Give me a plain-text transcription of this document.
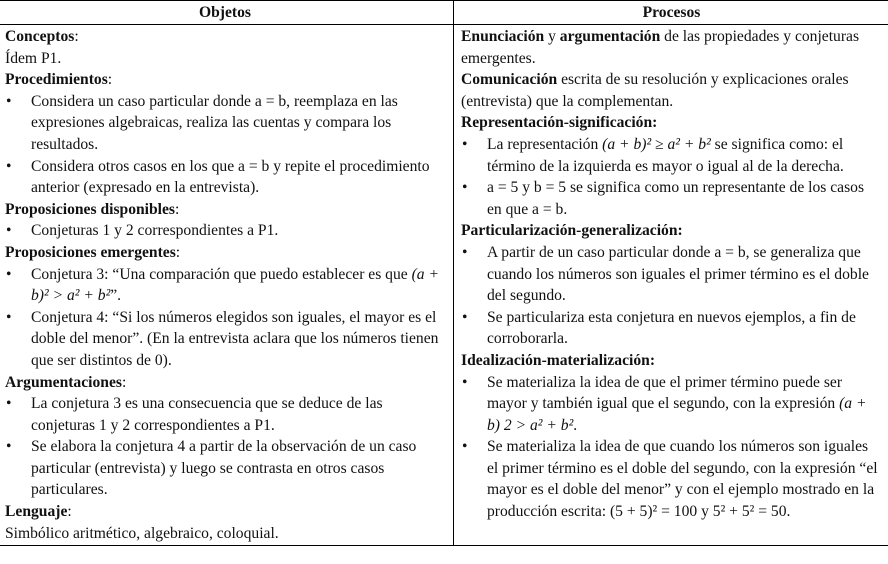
Objetos	Procesos
Conceptos:
Ídem P1.
Procedimientos:
• Considera un caso particular donde a = b, reemplaza en las expresiones algebraicas, realiza las cuentas y compara los resultados.
• Considera otros casos en los que a = b y repite el procedimiento anterior (expresado en la entrevista).
Proposiciones disponibles:
• Conjeturas 1 y 2 correspondientes a P1.
Proposiciones emergentes:
• Conjetura 3: “Una comparación que puedo establecer es que (a + b)² > a² + b²”.
• Conjetura 4: “Si los números elegidos son iguales, el mayor es el doble del menor”. (En la entrevista aclara que los números tienen que ser distintos de 0).
Argumentaciones:
• La conjetura 3 es una consecuencia que se deduce de las conjeturas 1 y 2 correspondientes a P1.
• Se elabora la conjetura 4 a partir de la observación de un caso particular (entrevista) y luego se contrasta en otros casos particulares.
Lenguaje:
Simbólico aritmético, algebraico, coloquial.
Enunciación y argumentación de las propiedades y conjeturas emergentes.
Comunicación escrita de su resolución y explicaciones orales (entrevista) que la complementan.
Representación-significación:
• La representación (a + b)² ≥ a² + b² se significa como: el término de la izquierda es mayor o igual al de la derecha.
• a = 5 y b = 5 se significa como un representante de los casos en que a = b.
Particularización-generalización:
• A partir de un caso particular donde a = b, se generaliza que cuando los números son iguales el primer término es el doble del segundo.
• Se particulariza esta conjetura en nuevos ejemplos, a fin de corroborarla.
Idealización-materialización:
• Se materializa la idea de que el primer término puede ser mayor y también igual que el segundo, con la expresión (a + b) 2 > a² + b².
• Se materializa la idea de que cuando los números son iguales el primer término es el doble del segundo, con la expresión “el mayor es el doble del menor” y con el ejemplo mostrado en la producción escrita: (5 + 5)² = 100 y 5² + 5² = 50.
